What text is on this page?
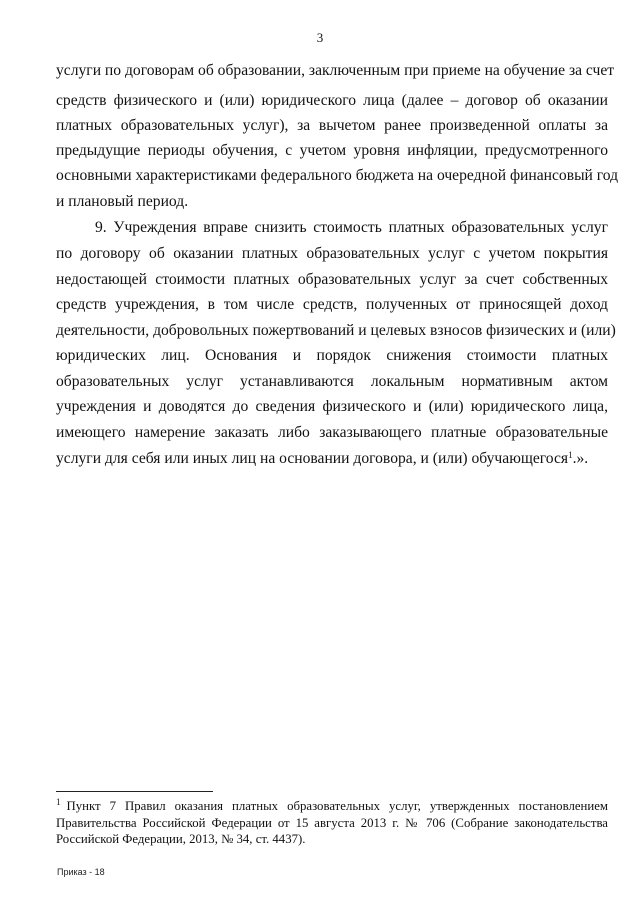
3
услуги по договорам об образовании, заключенным при приеме на обучение за счет
средств физического и (или) юридического лица (далее – договор об оказании
платных образовательных услуг), за вычетом ранее произведенной оплаты за
предыдущие периоды обучения, с учетом уровня инфляции, предусмотренного
основными характеристиками федерального бюджета на очередной финансовый год
и плановый период.
9. Учреждения вправе снизить стоимость платных образовательных услуг
по договору об оказании платных образовательных услуг с учетом покрытия
недостающей стоимости платных образовательных услуг за счет собственных
средств учреждения, в том числе средств, полученных от приносящей доход
деятельности, добровольных пожертвований и целевых взносов физических и (или)
юридических лиц. Основания и порядок снижения стоимости платных
образовательных услуг устанавливаются локальным нормативным актом
учреждения и доводятся до сведения физического и (или) юридического лица,
имеющего намерение заказать либо заказывающего платные образовательные
услуги для себя или иных лиц на основании договора, и (или) обучающегося$^1$.».
$^1$ Пункт 7 Правил оказания платных образовательных услуг, утвержденных постановлением
Правительства Российской Федерации от 15 августа 2013 г. № 706 (Собрание законодательства
Российской Федерации, 2013, № 34, ст. 4437).
Приказ - 18
